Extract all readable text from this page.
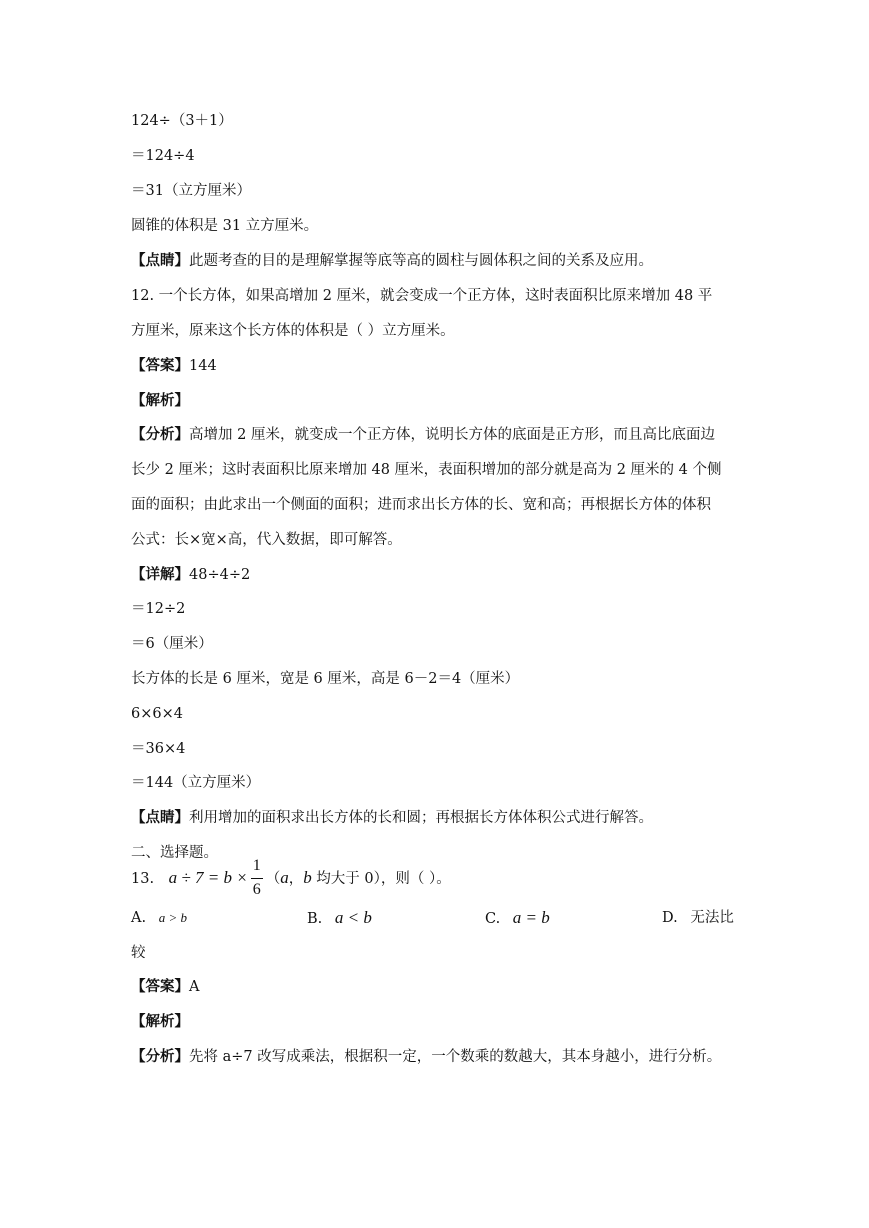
124÷（3＋1）
＝124÷4
＝31（立方厘米）
圆锥的体积是 31 立方厘米。
【点睛】此题考查的目的是理解掌握等底等高的圆柱与圆体积之间的关系及应用。
12. 一个长方体，如果高增加 2 厘米，就会变成一个正方体，这时表面积比原来增加 48 平
方厘米，原来这个长方体的体积是（ ）立方厘米。
【答案】144
【解析】
【分析】高增加 2 厘米，就变成一个正方体，说明长方体的底面是正方形，而且高比底面边
长少 2 厘米；这时表面积比原来增加 48 厘米，表面积增加的部分就是高为 2 厘米的 4 个侧
面的面积；由此求出一个侧面的面积；进而求出长方体的长、宽和高；再根据长方体的体积
公式：长×宽×高，代入数据，即可解答。
【详解】48÷4÷2
＝12÷2
＝6（厘米）
长方体的长是 6 厘米，宽是 6 厘米，高是 6－2＝4（厘米）
6×6×4
＝36×4
＝144（立方厘米）
【点睛】利用增加的面积求出长方体的长和圆；再根据长方体体积公式进行解答。
二、选择题。
13. $a \div 7 = b \times \frac{1}{6} (a$，b 均大于 0），则（ ）。
A. a > b	B. a < b	C. a = b	D. 无法比
较
【答案】A
【解析】
【分析】先将 a÷7 改写成乘法，根据积一定，一个数乘的数越大，其本身越小，进行分析。
